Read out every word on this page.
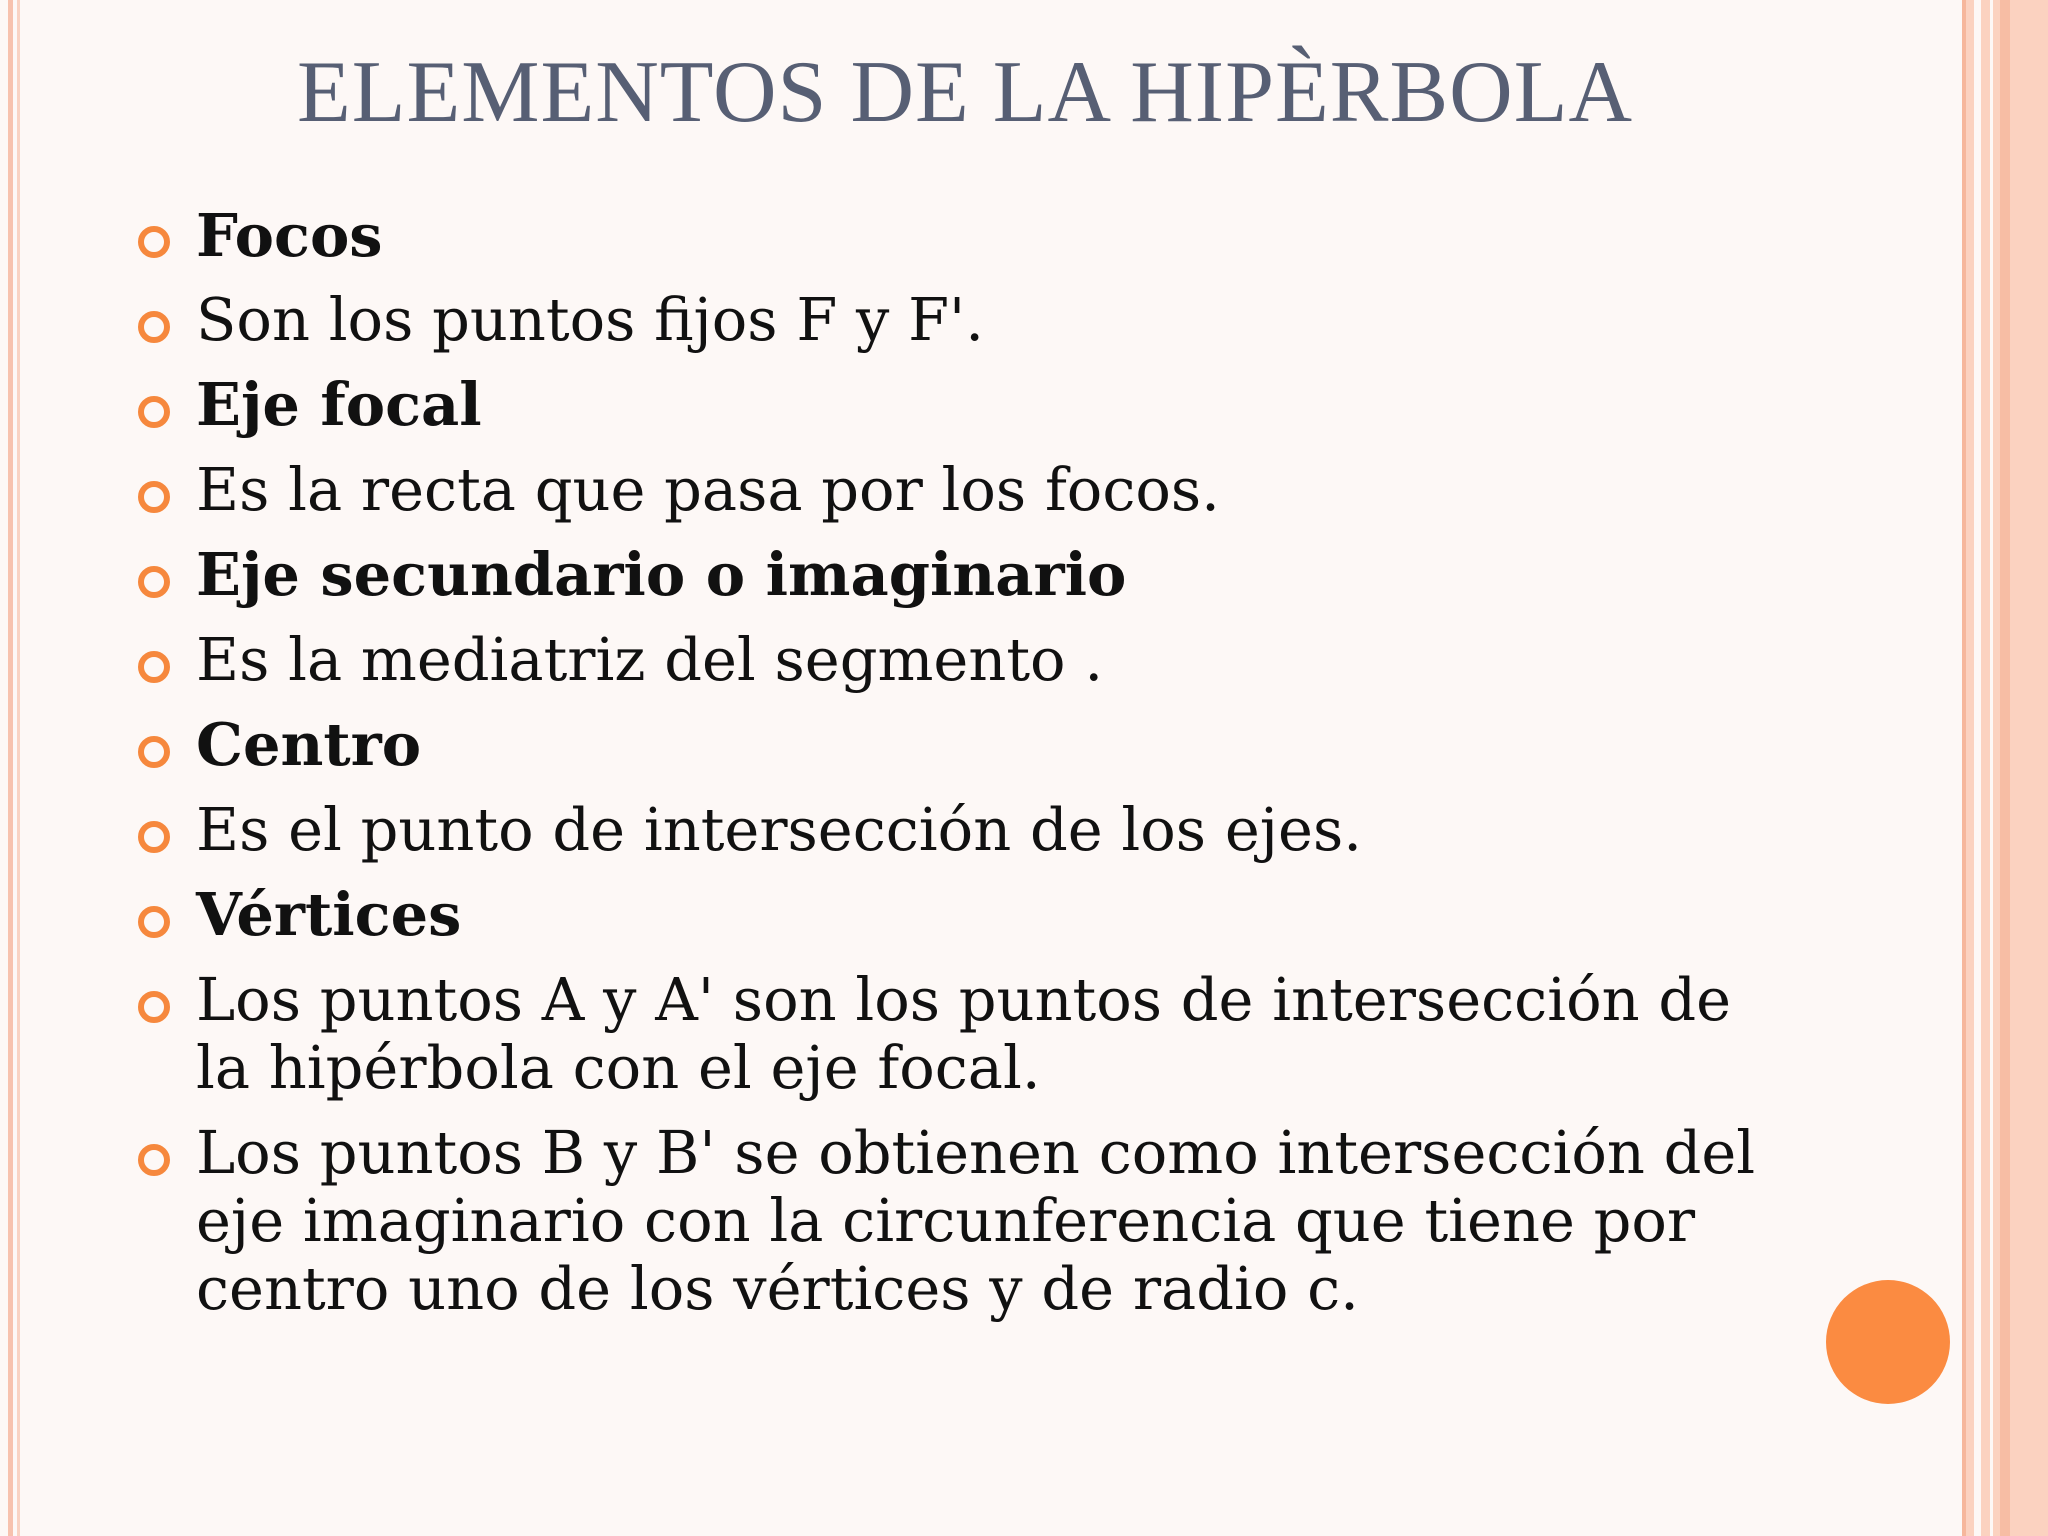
ELEMENTOS DE LA HIPÈRBOLA
Focos
Son los puntos fijos F y F'.
Eje focal
Es la recta que pasa por los focos.
Eje secundario o imaginario
Es la mediatriz del segmento .
Centro
Es el punto de intersección de los ejes.
Vértices
Los puntos A y A' son los puntos de intersección de la hipérbola con el eje focal.
Los puntos B y B' se obtienen como intersección del eje imaginario con la circunferencia que tiene por centro uno de los vértices y de radio c.
